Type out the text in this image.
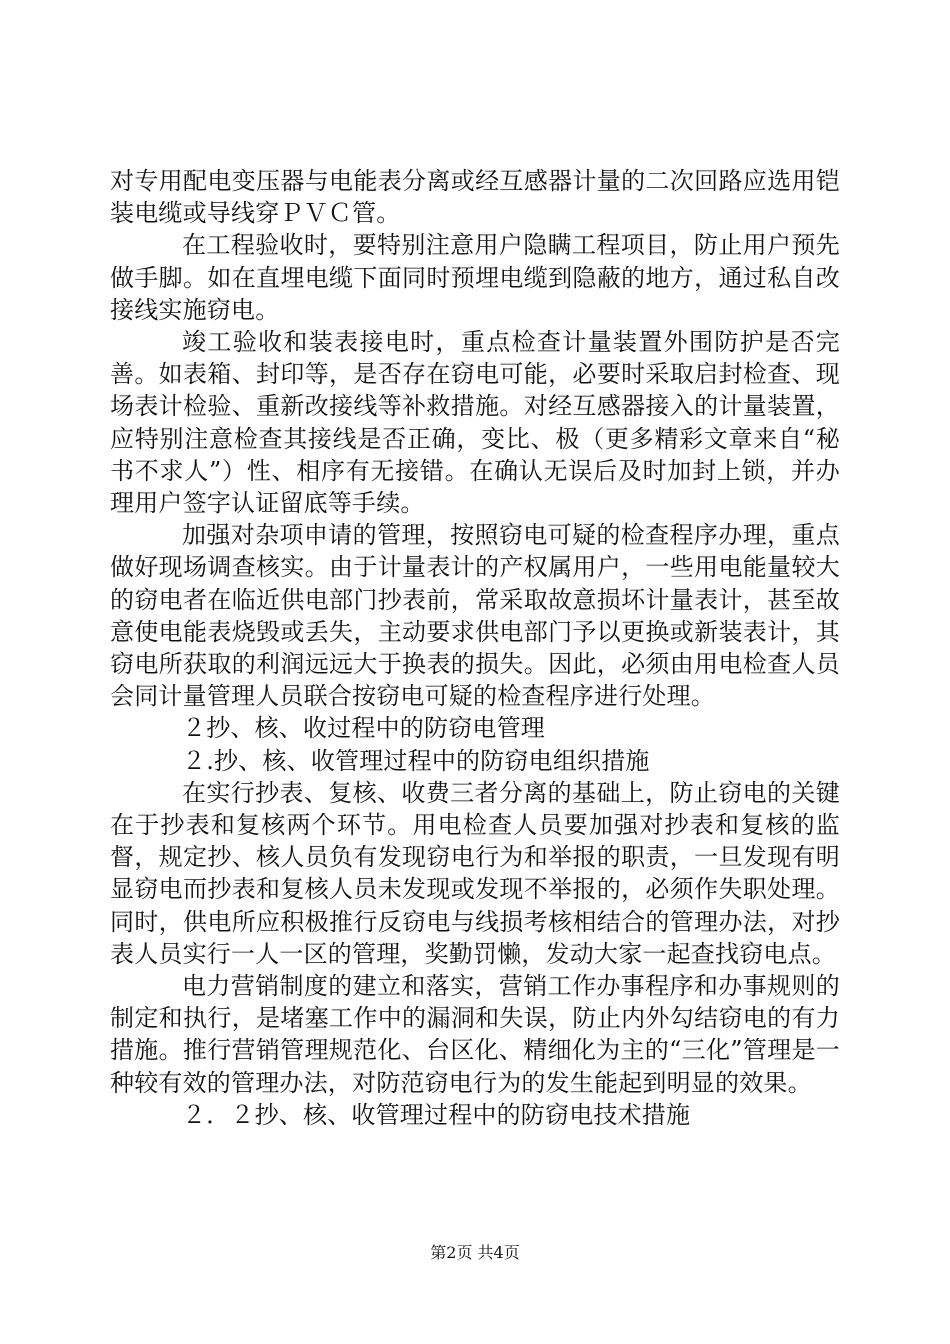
对专用配电变压器与电能表分离或经互感器计量的二次回路应选用铠装电缆或导线穿ＰＶＣ管。

在工程验收时，要特别注意用户隐瞒工程项目，防止用户预先做手脚。如在直埋电缆下面同时预埋电缆到隐蔽的地方，通过私自改接线实施窃电。

竣工验收和装表接电时，重点检查计量装置外围防护是否完善。如表箱、封印等，是否存在窃电可能，必要时采取启封检查、现场表计检验、重新改接线等补救措施。对经互感器接入的计量装置，应特别注意检查其接线是否正确，变比、极（更多精彩文章来自“秘书不求人”）性、相序有无接错。在确认无误后及时加封上锁，并办理用户签字认证留底等手续。

加强对杂项申请的管理，按照窃电可疑的检查程序办理，重点做好现场调查核实。由于计量表计的产权属用户，一些用电能量较大的窃电者在临近供电部门抄表前，常采取故意损坏计量表计，甚至故意使电能表烧毁或丢失，主动要求供电部门予以更换或新装表计，其窃电所获取的利润远远大于换表的损失。因此，必须由用电检查人员会同计量管理人员联合按窃电可疑的检查程序进行处理。

２抄、核、收过程中的防窃电管理

２.抄、核、收管理过程中的防窃电组织措施

在实行抄表、复核、收费三者分离的基础上，防止窃电的关键在于抄表和复核两个环节。用电检查人员要加强对抄表和复核的监督，规定抄、核人员负有发现窃电行为和举报的职责，一旦发现有明显窃电而抄表和复核人员未发现或发现不举报的，必须作失职处理。同时，供电所应积极推行反窃电与线损考核相结合的管理办法，对抄表人员实行一人一区的管理，奖勤罚懒，发动大家一起查找窃电点。

电力营销制度的建立和落实，营销工作办事程序和办事规则的制定和执行，是堵塞工作中的漏洞和失误，防止内外勾结窃电的有力措施。推行营销管理规范化、台区化、精细化为主的“三化”管理是一种较有效的管理办法，对防范窃电行为的发生能起到明显的效果。

２．２抄、核、收管理过程中的防窃电技术措施

第2页 共4页
